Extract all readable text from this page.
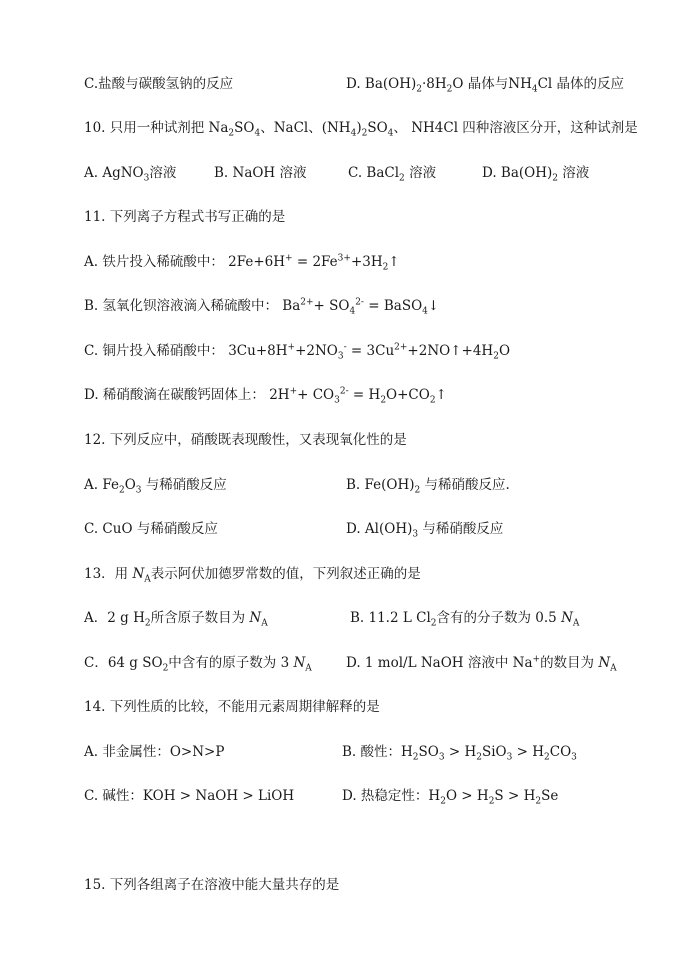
C.盐酸与碳酸氢钠的反应	D. $Ba(OH)_2\cdot 8H_2O$ 晶体与$NH_4Cl$ 晶体的反应
10. 只用一种试剂把 $Na_2SO_4$、NaCl、$(NH_4)_2SO_4$、 NH4Cl 四种溶液区分开，这种试剂是
A. AgNO$_3$溶液	B. NaOH 溶液	C. BaCl$_2$ 溶液	D. $Ba(OH)_2$ 溶液
11. 下列离子方程式书写正确的是
A. 铁片投入稀硫酸中： $2Fe+6H^+ = 2Fe^{3+}+3H_2↑$
B. 氢氧化钡溶液滴入稀硫酸中： $Ba^{2+}+ SO_4^{2-}$ = BaSO$_4$↓
C. 铜片投入稀硝酸中： $3Cu+8H^++2NO_3^-$ = $3Cu^{2+}+2NO↑+4H_2O$
D. 稀硝酸滴在碳酸钙固体上： $2H^++ CO_3^{2-}$ = $H_2O+CO_2↑$
12. 下列反应中，硝酸既表现酸性，又表现氧化性的是
A. $Fe_2O_3$ 与稀硝酸反应	B. $Fe(OH)_2$ 与稀硝酸反应.
C. CuO 与稀硝酸反应	D. $Al(OH)_3$ 与稀硝酸反应
13．用 $N_A$表示阿伏加德罗常数的值，下列叙述正确的是
A．2 g $H_2$所含原子数目为 $N_A$	B. 11.2 L $Cl_2$含有的分子数为 0.5 $N_A$
C．64 g $SO_2$中含有的原子数为 3 $N_A$	D. 1 mol/L NaOH 溶液中 Na+的数目为 $N_A$
14. 下列性质的比较，不能用元素周期律解释的是
A. 非金属性：O>N>P	B. 酸性：$H_2SO_3 > H_2SiO_3 > H_2CO_3$
C. 碱性：KOH > NaOH > LiOH	D. 热稳定性：$H_2O > H_2S > H_2Se$
15. 下列各组离子在溶液中能大量共存的是
